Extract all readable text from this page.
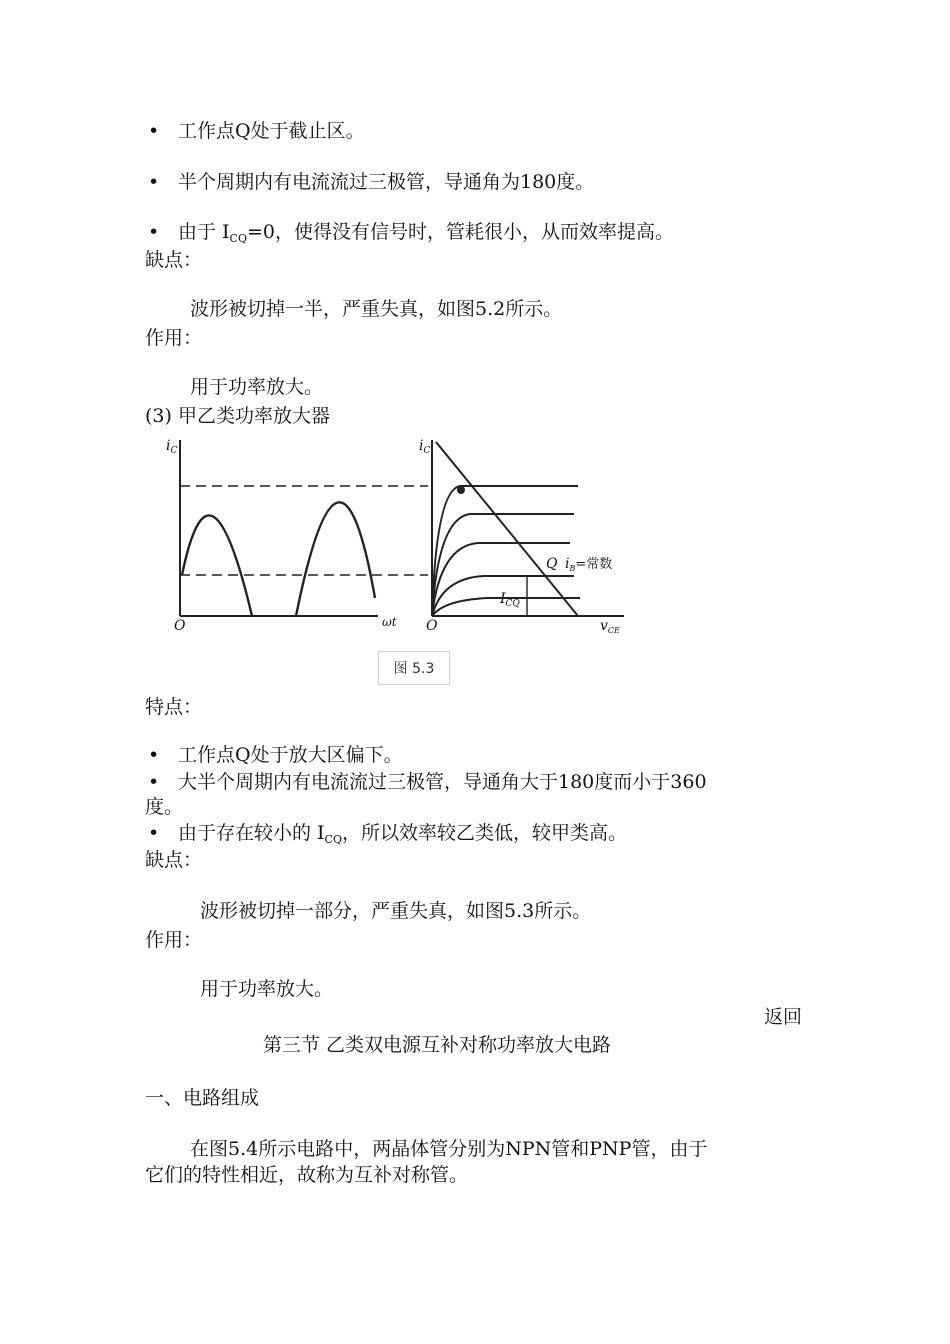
• 工作点Q处于截止区。
• 半个周期内有电流流过三极管，导通角为180度。
• 由于 $I_{CQ}=0$，使得没有信号时，管耗很小，从而效率提高。
缺点：
波形被切掉一半，严重失真，如图5.2所示。
作用：
用于功率放大。
(3) 甲乙类功率放大器
$i_C$
O	ωt
$i_C$
O	$v_{CE}$
Q $i_B=$常数
$I_{CQ}$
图 5.3
特点：
• 工作点Q处于放大区偏下。
• 大半个周期内有电流流过三极管，导通角大于180度而小于360
度。
• 由于存在较小的 $I_{CQ}$，所以效率较乙类低，较甲类高。
缺点：
波形被切掉一部分，严重失真，如图5.3所示。
作用：
用于功率放大。
返回
第三节 乙类双电源互补对称功率放大电路
一、电路组成
在图5.4所示电路中，两晶体管分别为NPN管和PNP管，由于
它们的特性相近，故称为互补对称管。
